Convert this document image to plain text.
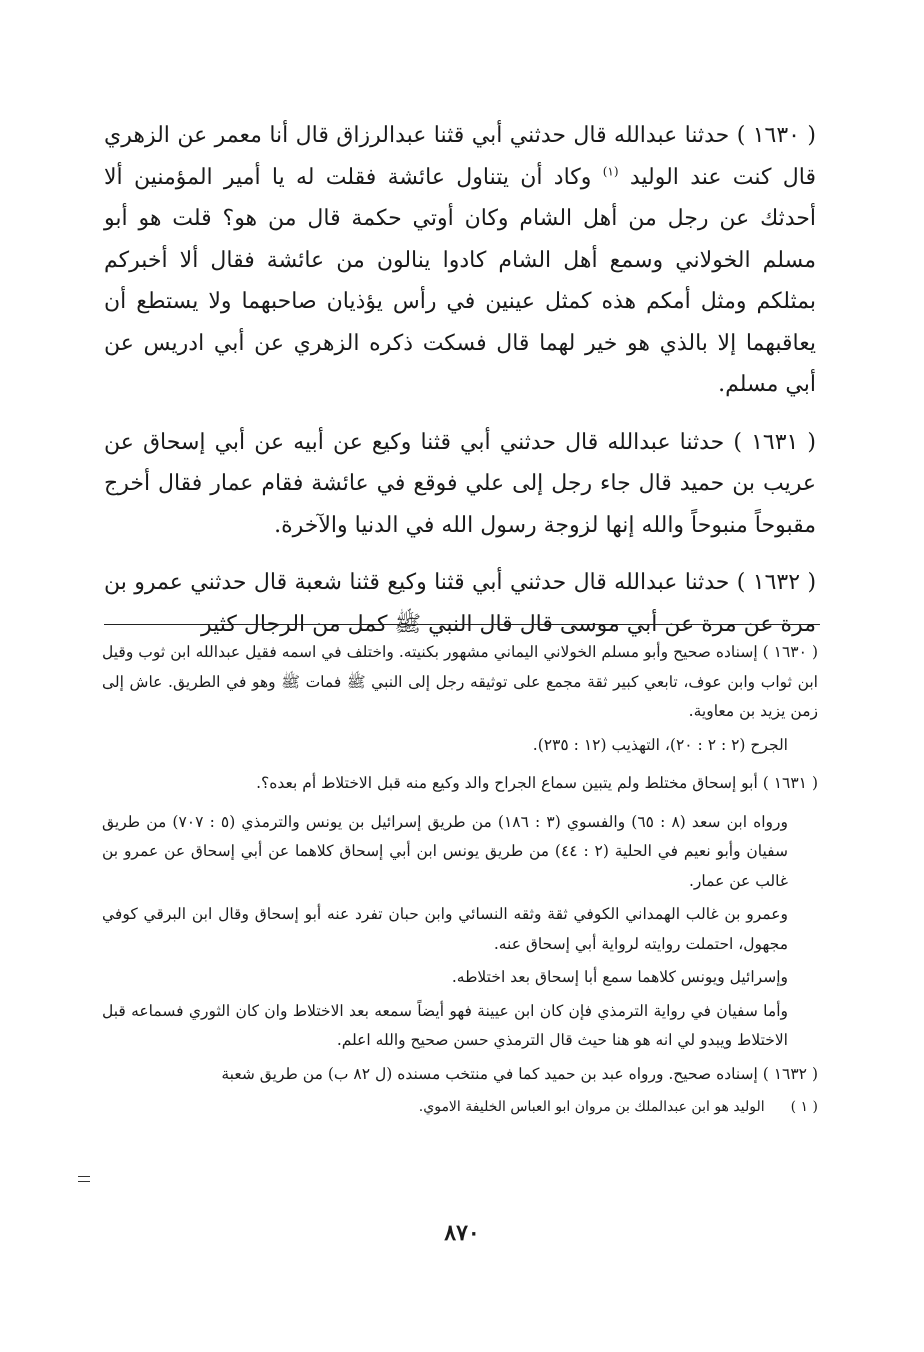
( ١٦٣٠ ) حدثنا عبدالله قال حدثني أبي قثنا عبدالرزاق قال أنا معمر عن الزهري قال كنت عند الوليد $^{(١)}$ وكاد أن يتناول عائشة فقلت له يا أمير المؤمنين ألا أحدثك عن رجل من أهل الشام وكان أوتي حكمة قال من هو؟ قلت هو أبو مسلم الخولاني وسمع أهل الشام كادوا ينالون من عائشة فقال ألا أخبركم بمثلكم ومثل أمكم هذه كمثل عينين في رأس يؤذيان صاحبهما ولا يستطع أن يعاقبهما إلا بالذي هو خير لهما قال فسكت ذكره الزهري عن أبي ادريس عن أبي مسلم.

( ١٦٣١ ) حدثنا عبدالله قال حدثني أبي قثنا وكيع عن أبيه عن أبي إسحاق عن عريب بن حميد قال جاء رجل إلى علي فوقع في عائشة فقام عمار فقال أخرج مقبوحاً منبوحاً والله إنها لزوجة رسول الله في الدنيا والآخرة.

( ١٦٣٢ ) حدثنا عبدالله قال حدثني أبي قثنا وكيع قثنا شعبة قال حدثني عمرو بن مرة عن مرة عن أبي موسى قال قال النبي ﷺ كمل من الرجال كثير

( ١٦٣٠ ) إسناده صحيح وأبو مسلم الخولاني اليماني مشهور بكنيته. واختلف في اسمه فقيل عبدالله ابن ثوب وقيل ابن ثواب وابن عوف، تابعي كبير ثقة مجمع على توثيقه رجل إلى النبي ﷺ فمات ﷺ وهو في الطريق. عاش إلى زمن يزيد بن معاوية.

الجرح (٢ : ٢ : ٢٠)، التهذيب (١٢ : ٢٣٥).

( ١٦٣١ ) أبو إسحاق مختلط ولم يتبين سماع الجراح والد وكيع منه قبل الاختلاط أم بعده؟.

ورواه ابن سعد (٨ : ٦٥) والفسوي (٣ : ١٨٦) من طريق إسرائيل بن يونس والترمذي (٥ : ٧٠٧) من طريق سفيان وأبو نعيم في الحلية (٢ : ٤٤) من طريق يونس ابن أبي إسحاق كلاهما عن أبي إسحاق عن عمرو بن غالب عن عمار.

وعمرو بن غالب الهمداني الكوفي ثقة وثقه النسائي وابن حبان تفرد عنه أبو إسحاق وقال ابن البرقي كوفي مجهول، احتملت روايته لرواية أبي إسحاق عنه.

وإسرائيل ويونس كلاهما سمع أبا إسحاق بعد اختلاطه.

وأما سفيان في رواية الترمذي فإن كان ابن عيينة فهو أيضاً سمعه بعد الاختلاط وان كان الثوري فسماعه قبل الاختلاط ويبدو لي انه هو هنا حيث قال الترمذي حسن صحيح والله اعلم.

( ١٦٣٢ ) إسناده صحيح. ورواه عبد بن حميد كما في منتخب مسنده (ل ٨٢ ب) من طريق شعبة

( ١ )
الوليد هو ابن عبدالملك بن مروان ابو العباس الخليفة الاموي.
٨٧٠
